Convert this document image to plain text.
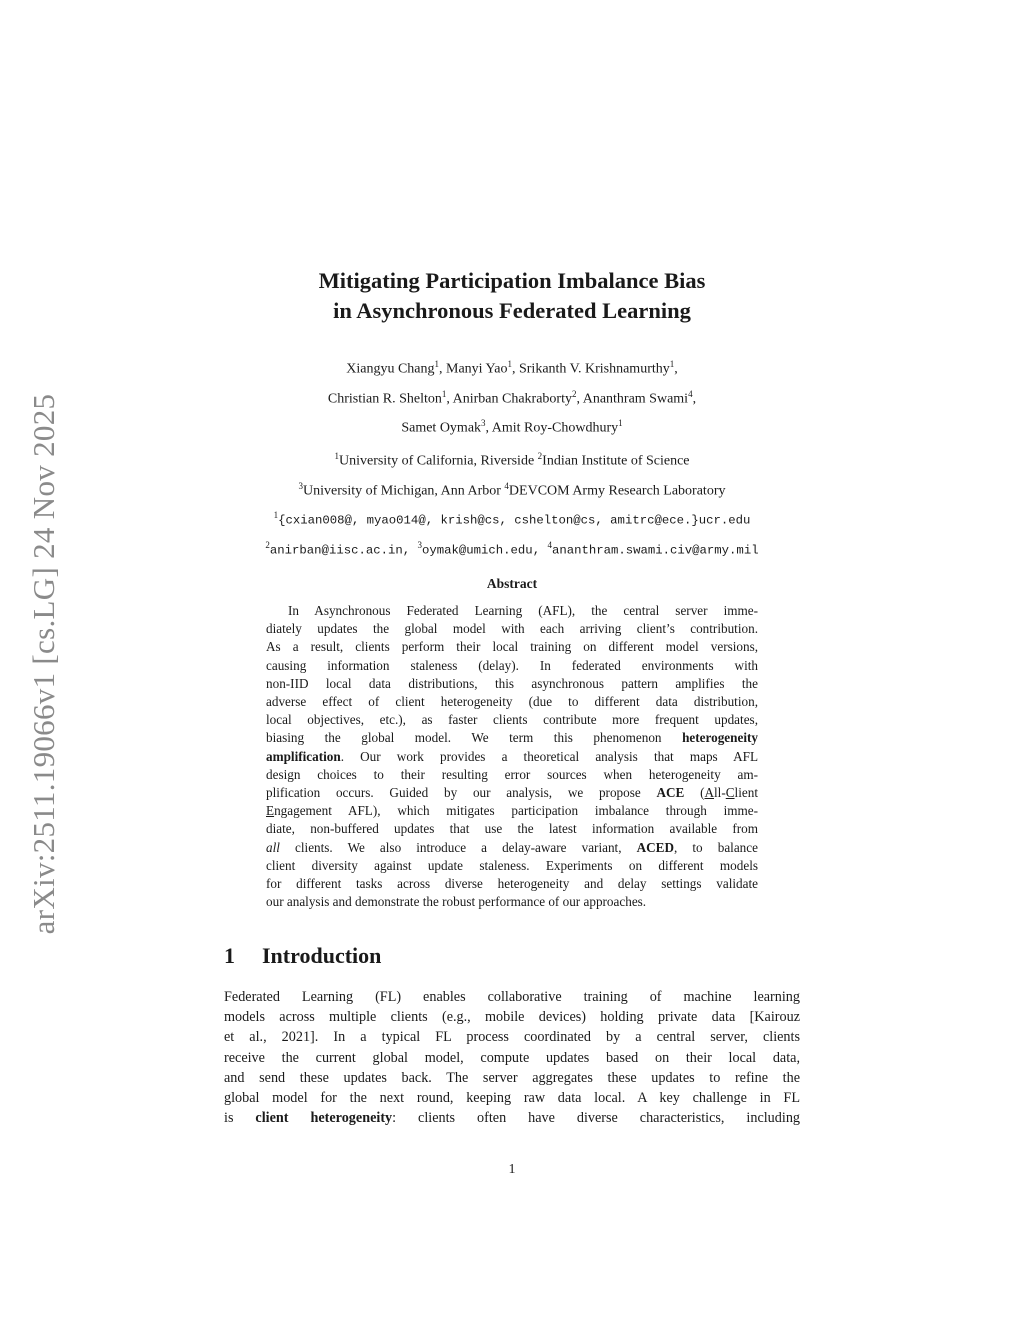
arXiv:2511.19066v1 [cs.LG] 24 Nov 2025
Mitigating Participation Imbalance Bias
in Asynchronous Federated Learning
Xiangyu Chang$^1$, Manyi Yao$^1$, Srikanth V. Krishnamurthy$^1$,
Christian R. Shelton$^1$, Anirban Chakraborty$^2$, Ananthram Swami$^4$,
Samet Oymak$^3$, Amit Roy-Chowdhury$^1$
$^1$University of California, Riverside $^2$Indian Institute of Science
$^3$University of Michigan, Ann Arbor $^4$DEVCOM Army Research Laboratory
$^1${cxian008@, myao014@, krish@cs, cshelton@cs, amitrc@ece.}ucr.edu
$^2$anirban@iisc.ac.in, $^3$oymak@umich.edu, $^4$ananthram.swami.civ@army.mil
Abstract
In Asynchronous Federated Learning (AFL), the central server imme-
diately updates the global model with each arriving client’s contribution.
As a result, clients perform their local training on different model versions,
causing information staleness (delay). In federated environments with
non-IID local data distributions, this asynchronous pattern amplifies the
adverse effect of client heterogeneity (due to different data distribution,
local objectives, etc.), as faster clients contribute more frequent updates,
biasing the global model. We term this phenomenon heterogeneity
amplification. Our work provides a theoretical analysis that maps AFL
design choices to their resulting error sources when heterogeneity am-
plification occurs. Guided by our analysis, we propose ACE (All-Client
Engagement AFL), which mitigates participation imbalance through imme-
diate, non-buffered updates that use the latest information available from
all clients. We also introduce a delay-aware variant, ACED, to balance
client diversity against update staleness. Experiments on different models
for different tasks across diverse heterogeneity and delay settings validate
our analysis and demonstrate the robust performance of our approaches.
1 Introduction
Federated Learning (FL) enables collaborative training of machine learning
models across multiple clients (e.g., mobile devices) holding private data [Kairouz
et al., 2021]. In a typical FL process coordinated by a central server, clients
receive the current global model, compute updates based on their local data,
and send these updates back. The server aggregates these updates to refine the
global model for the next round, keeping raw data local. A key challenge in FL
is client heterogeneity: clients often have diverse characteristics, including
1
